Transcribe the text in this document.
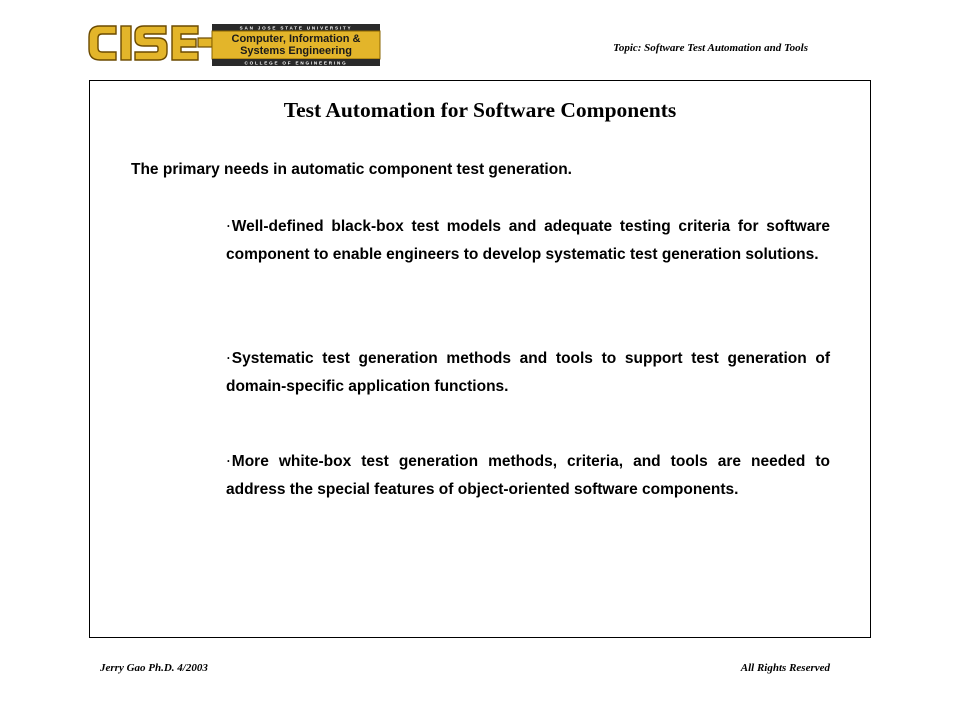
SAN JOSE STATE UNIVERSITY
Computer, Information &
Systems Engineering
COLLEGE OF ENGINEERING
Topic: Software Test Automation and Tools
Test Automation for Software Components

The primary needs in automatic component test generation.

·Well-defined black-box test models and adequate testing criteria for software component to enable engineers to develop systematic test generation solutions.

·Systematic test generation methods and tools to support test generation of domain-specific application functions.

·More white-box test generation methods, criteria, and tools are needed to address the special features of object-oriented software components.

Jerry Gao Ph.D. 4/2003	All Rights Reserved
